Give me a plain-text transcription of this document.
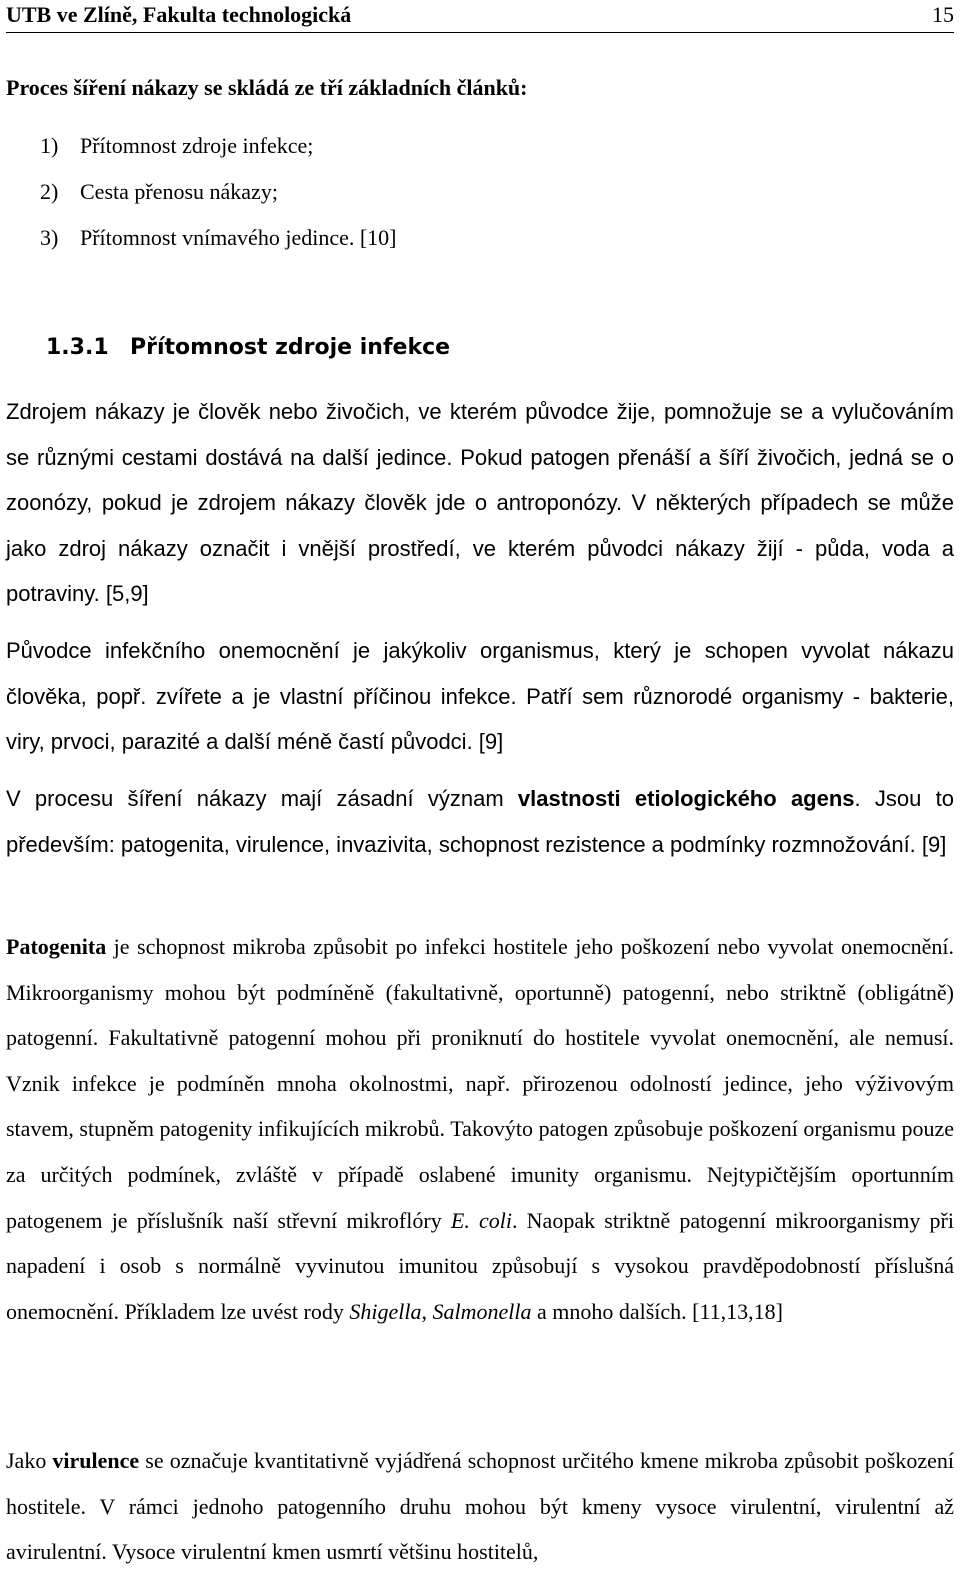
UTB ve Zlíně, Fakulta technologická	15
Proces šíření nákazy se skládá ze tří základních článků:
1) Přítomnost zdroje infekce;
2) Cesta přenosu nákazy;
3) Přítomnost vnímavého jedince. [10]
1.3.1 Přítomnost zdroje infekce
Zdrojem nákazy je člověk nebo živočich, ve kterém původce žije, pomnožuje se a vylučováním se různými cestami dostává na další jedince. Pokud patogen přenáší a šíří živočich, jedná se o zoonózy, pokud je zdrojem nákazy člověk jde o antroponózy. V některých případech se může jako zdroj nákazy označit i vnější prostředí, ve kterém původci nákazy žijí - půda, voda a potraviny. [5,9]
Původce infekčního onemocnění je jakýkoliv organismus, který je schopen vyvolat nákazu člověka, popř. zvířete a je vlastní příčinou infekce. Patří sem různorodé organismy - bakterie, viry, prvoci, parazité a další méně častí původci. [9]
V procesu šíření nákazy mají zásadní význam vlastnosti etiologického agens. Jsou to především: patogenita, virulence, invazivita, schopnost rezistence a podmínky rozmnožování. [9]
Patogenita je schopnost mikroba způsobit po infekci hostitele jeho poškození nebo vyvolat onemocnění. Mikroorganismy mohou být podmíněně (fakultativně, oportunně) patogenní, nebo striktně (obligátně) patogenní. Fakultativně patogenní mohou při proniknutí do hostitele vyvolat onemocnění, ale nemusí. Vznik infekce je podmíněn mnoha okolnostmi, např. přirozenou odolností jedince, jeho výživovým stavem, stupněm patogenity infikujících mikrobů. Takovýto patogen způsobuje poškození organismu pouze za určitých podmínek, zvláště v případě oslabené imunity organismu. Nejtypičtějším oportunním patogenem je příslušník naší střevní mikroflóry E. coli. Naopak striktně patogenní mikroorganismy při napadení i osob s normálně vyvinutou imunitou způsobují s vysokou pravděpodobností příslušná onemocnění. Příkladem lze uvést rody Shigella, Salmonella a mnoho dalších. [11,13,18]
Jako virulence se označuje kvantitativně vyjádřená schopnost určitého kmene mikroba způsobit poškození hostitele. V rámci jednoho patogenního druhu mohou být kmeny vysoce virulentní, virulentní až avirulentní. Vysoce virulentní kmen usmrtí většinu hostitelů,
